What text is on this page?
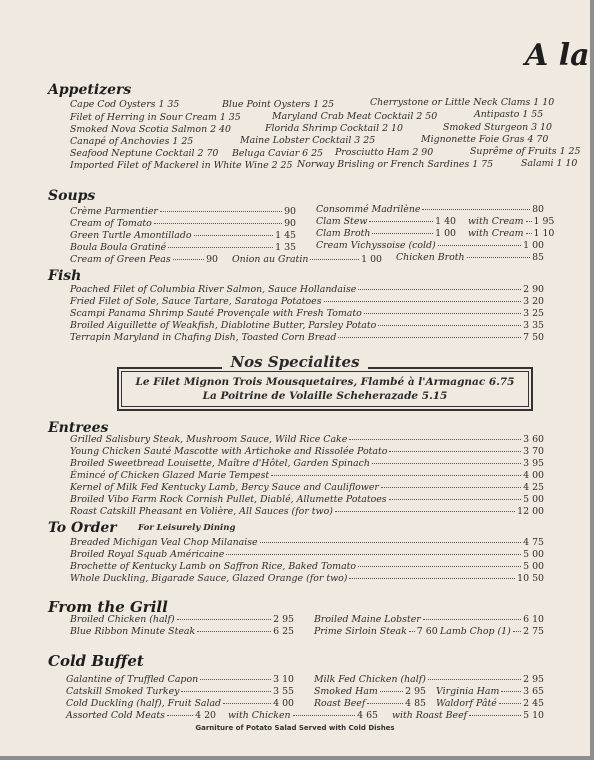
A la
Appetizers
Cape Cod Oysters 1 35	Blue Point Oysters 1 25	Cherrystone or Little Neck Clams 1 10
Filet of Herring in Sour Cream 1 35	Maryland Crab Meat Cocktail 2 50	Antipasto 1 55
Smoked Nova Scotia Salmon 2 40	Florida Shrimp Cocktail 2 10	Smoked Sturgeon 3 10
Canapé of Anchovies 1 25	Maine Lobster Cocktail 3 25	Mignonette Foie Gras 4 70
Seafood Neptune Cocktail 2 70 Beluga Caviar 6 25 Prosciutto Ham 2 90	Suprême of Fruits 1 25
Imported Filet of Mackerel in White Wine 2 25 Norway Brisling or French Sardines 1 75	Salami 1 10
Soups
Crème Parmentier	90
Cream of Tomato	90
Green Turtle Amontillado	1 45
Boula Boula Gratiné	1 35
Cream of Green Peas	90 Onion au Gratin	1 00
Consommé Madrilène	80
Clam Stew	1 40 with Cream 1 95
Clam Broth	1 00 with Cream 1 10
Cream Vichyssoise (cold)	1 00
Chicken Broth	85
Fish
Poached Filet of Columbia River Salmon, Sauce Hollandaise	2 90
Fried Filet of Sole, Sauce Tartare, Saratoga Potatoes	3 20
Scampi Panama Shrimp Sauté Provençale with Fresh Tomato	3 25
Broiled Aiguillette of Weakfish, Diablotine Butter, Parsley Potato	3 35
Terrapin Maryland in Chafing Dish, Toasted Corn Bread	7 50
Nos Specialites
Le Filet Mignon Trois Mousquetaires, Flambé à l'Armagnac 6.75
La Poitrine de Volaille Scheherazade 5.15
Entrees
Grilled Salisbury Steak, Mushroom Sauce, Wild Rice Cake	3 60
Young Chicken Sauté Mascotte with Artichoke and Rissolée Potato	3 70
Broiled Sweetbread Louisette, Maître d'Hôtel, Garden Spinach	3 95
Émincé of Chicken Glazed Marie Tempest	4 00
Kernel of Milk Fed Kentucky Lamb, Bercy Sauce and Cauliflower	4 25
Broiled Vibo Farm Rock Cornish Pullet, Diablé, Allumette Potatoes	5 00
Roast Catskill Pheasant en Volière, All Sauces (for two)	12 00
To Order	For Leisurely Dining
Breaded Michigan Veal Chop Milanaise	4 75
Broiled Royal Squab Américaine	5 00
Brochette of Kentucky Lamb on Saffron Rice, Baked Tomato	5 00
Whole Duckling, Bigarade Sauce, Glazed Orange (for two)	10 50
From the Grill
Broiled Chicken (half)	2 95
Blue Ribbon Minute Steak	6 25
Broiled Maine Lobster	6 10
Prime Sirloin Steak 7 60 Lamb Chop (1) 2 75
Cold Buffet
Galantine of Truffled Capon	3 10
Catskill Smoked Turkey	3 55
Cold Duckling (half), Fruit Salad	4 00
Assorted Cold Meats	4 20 with Chicken	4 65 with Roast Beef	5 10
Milk Fed Chicken (half)	2 95
Smoked Ham	2 95 Virginia Ham	3 65
Roast Beef	4 85 Waldorf Pâté	2 45
Garniture of Potato Salad Served with Cold Dishes
